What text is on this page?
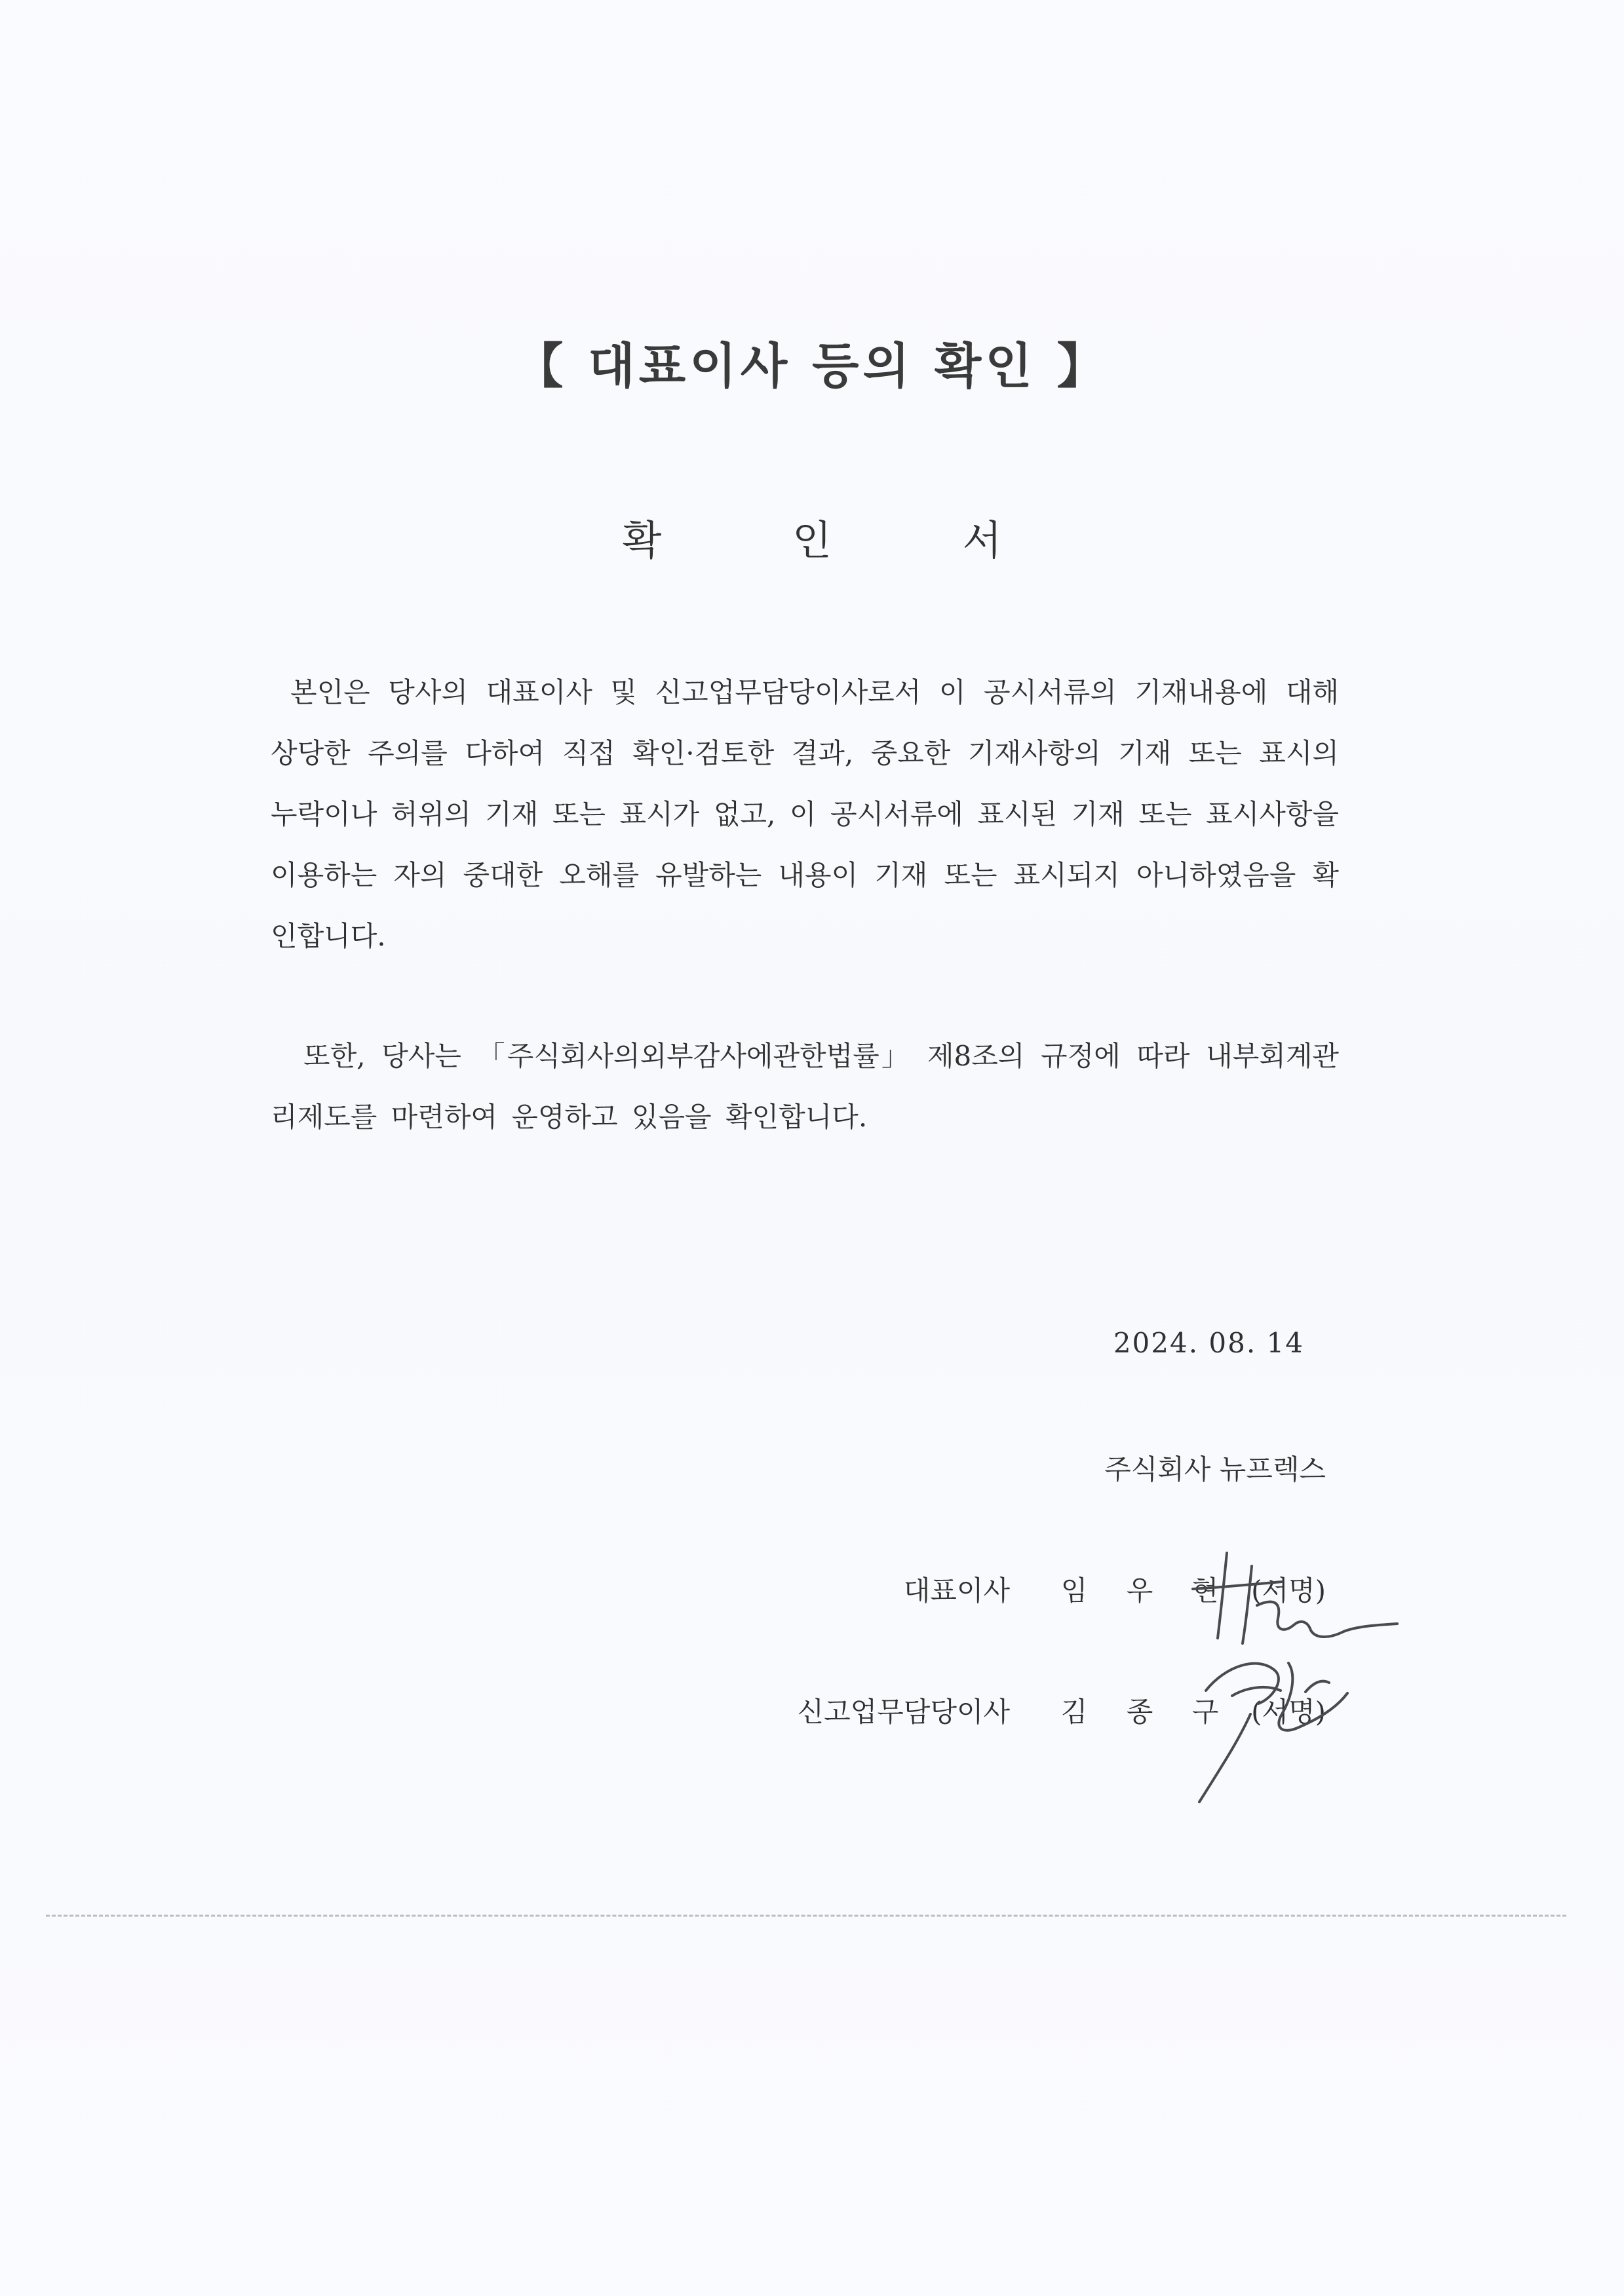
【 대표이사 등의 확인 】
확 인 서
본인은 당사의 대표이사 및 신고업무담당이사로서 이 공시서류의 기재내용에 대해 상당한 주의를 다하여 직접 확인·검토한 결과, 중요한 기재사항의 기재 또는 표시의 누락이나 허위의 기재 또는 표시가 없고, 이 공시서류에 표시된 기재 또는 표시사항을 이용하는 자의 중대한 오해를 유발하는 내용이 기재 또는 표시되지 아니하였음을 확인합니다.
또한, 당사는 「주식회사의외부감사에관한법률」 제8조의 규정에 따라 내부회계관리제도를 마련하여 운영하고 있음을 확인합니다.
2024. 08. 14
주식회사 뉴프렉스
대표이사 임 우 현 (서명)
신고업무담당이사 김 종 구 (서명)
